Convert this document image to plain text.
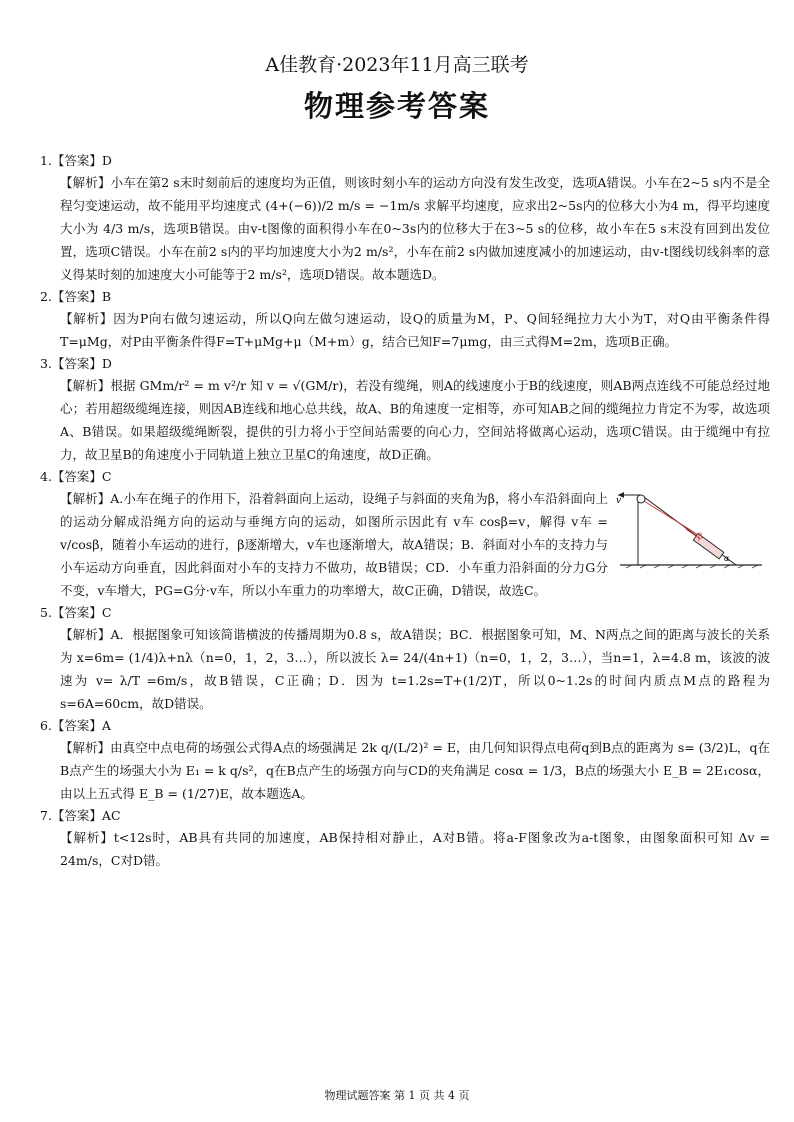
A佳教育·2023年11月高三联考
物理参考答案
1.【答案】D
【解析】小车在第2 s末时刻前后的速度均为正值，则该时刻小车的运动方向没有发生改变，选项A错误。小车在2~5 s内不是全程匀变速运动，故不能用平均速度式 (4+(−6))/2 m/s = −1m/s 求解平均速度，应求出2~5s内的位移大小为4 m，得平均速度大小为 4/3 m/s，选项B错误。由v-t图像的面积得小车在0~3s内的位移大于在3~5 s的位移，故小车在5 s末没有回到出发位置，选项C错误。小车在前2 s内的平均加速度大小为2 m/s²，小车在前2 s内做加速度减小的加速运动，由v-t图线切线斜率的意义得某时刻的加速度大小可能等于2 m/s²，选项D错误。故本题选D。
2.【答案】B
【解析】因为P向右做匀速运动，所以Q向左做匀速运动，设Q的质量为M，P、Q间轻绳拉力大小为T，对Q由平衡条件得T=μMg，对P由平衡条件得F=T+μMg+μ（M+m）g，结合已知F=7μmg，由三式得M=2m，选项B正确。
3.【答案】D
【解析】根据 GMm/r² = m v²/r 知 v = √(GM/r)，若没有缆绳，则A的线速度小于B的线速度，则AB两点连线不可能总经过地心；若用超级缆绳连接，则因AB连线和地心总共线，故A、B的角速度一定相等，亦可知AB之间的缆绳拉力肯定不为零，故选项A、B错误。如果超级缆绳断裂，提供的引力将小于空间站需要的向心力，空间站将做离心运动，选项C错误。由于缆绳中有拉力，故卫星B的角速度小于同轨道上独立卫星C的角速度，故D正确。
4.【答案】C
v
β
α
【解析】A.小车在绳子的作用下，沿着斜面向上运动，设绳子与斜面的夹角为β，将小车沿斜面向上的运动分解成沿绳方向的运动与垂绳方向的运动，如图所示因此有 v车 cosβ=v，解得 v车 = v/cosβ，随着小车运动的进行，β逐渐增大，v车也逐渐增大，故A错误；B．斜面对小车的支持力与小车运动方向垂直，因此斜面对小车的支持力不做功，故B错误；CD．小车重力沿斜面的分力G分不变，v车增大，PG=G分·v车，所以小车重力的功率增大，故C正确，D错误，故选C。
5.【答案】C
【解析】A．根据图象可知该简谐横波的传播周期为0.8 s，故A错误；BC．根据图象可知，M、N两点之间的距离与波长的关系为 x=6m= (1/4)λ+nλ（n=0，1，2，3…），所以波长 λ= 24/(4n+1)（n=0，1，2，3…），当n=1，λ=4.8 m，该波的波速为 v= λ/T =6m/s，故B错误，C正确；D．因为 t=1.2s=T+(1/2)T，所以0~1.2s的时间内质点M点的路程为s=6A=60cm，故D错误。
6.【答案】A
【解析】由真空中点电荷的场强公式得A点的场强满足 2k q/(L/2)² = E，由几何知识得点电荷q到B点的距离为 s= (3/2)L，q在B点产生的场强大小为 E₁ = k q/s²，q在B点产生的场强方向与CD的夹角满足 cosα = 1/3，B点的场强大小 E_B = 2E₁cosα，由以上五式得 E_B = (1/27)E，故本题选A。
7.【答案】AC
【解析】t<12s时，AB具有共同的加速度，AB保持相对静止，A对B错。将a-F图象改为a-t图象，由图象面积可知 Δv = 24m/s，C对D错。
物理试题答案 第 1 页 共 4 页
